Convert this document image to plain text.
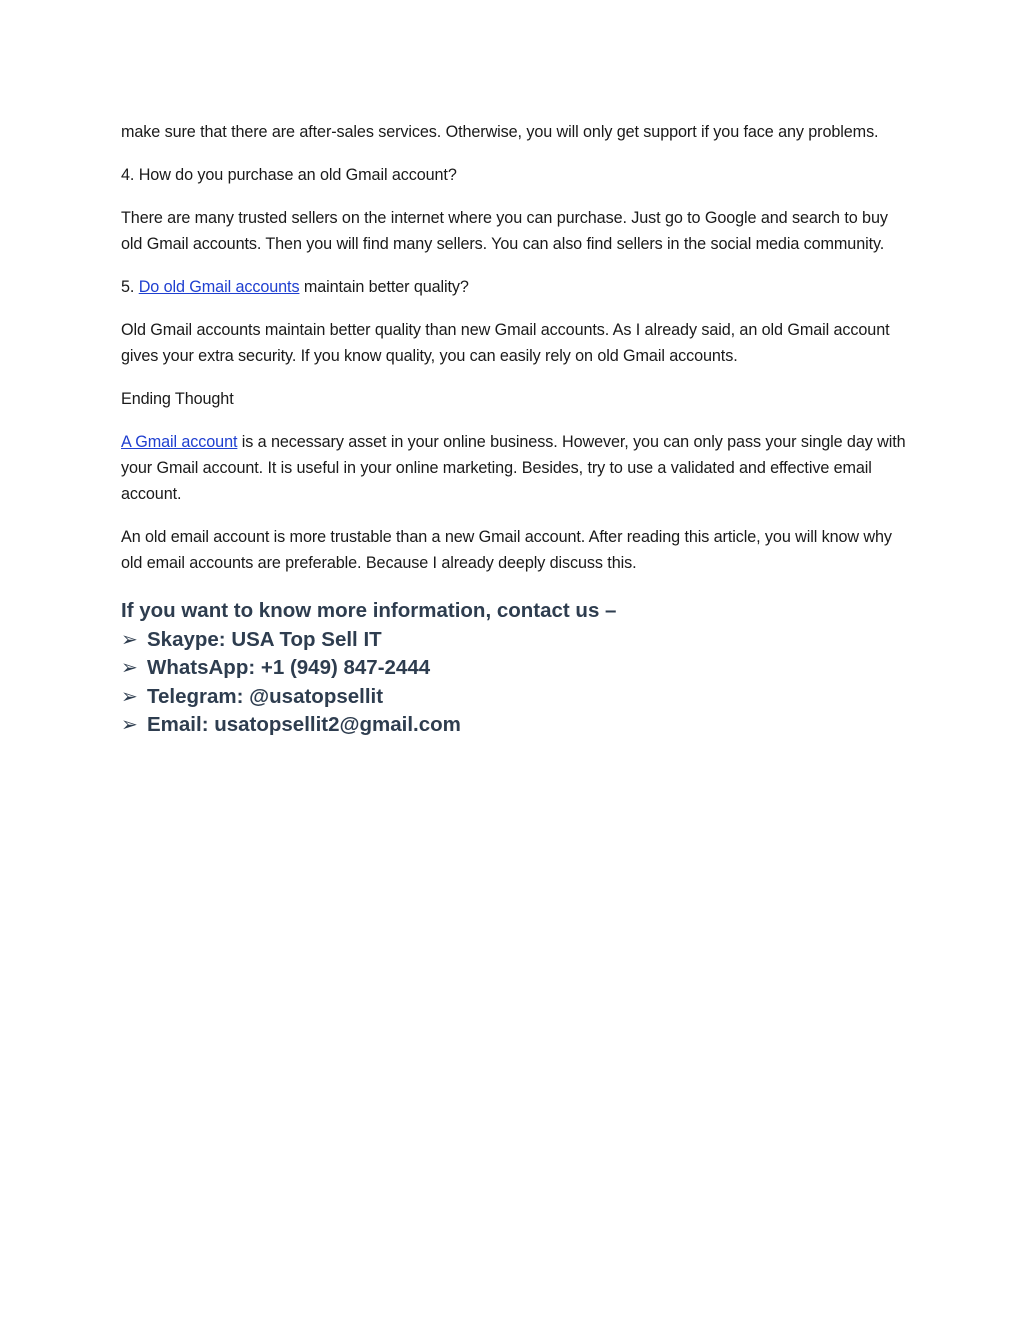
make sure that there are after-sales services. Otherwise, you will only get support if you face any problems.

4. How do you purchase an old Gmail account?

There are many trusted sellers on the internet where you can purchase. Just go to Google and search to buy old Gmail accounts. Then you will find many sellers. You can also find sellers in the social media community.

5. Do old Gmail accounts maintain better quality?

Old Gmail accounts maintain better quality than new Gmail accounts. As I already said, an old Gmail account gives your extra security. If you know quality, you can easily rely on old Gmail accounts.

Ending Thought

A Gmail account is a necessary asset in your online business. However, you can only pass your single day with your Gmail account. It is useful in your online marketing. Besides, try to use a validated and effective email account.

An old email account is more trustable than a new Gmail account. After reading this article, you will know why old email accounts are preferable. Because I already deeply discuss this.

If you want to know more information, contact us –
➢ Skaype: USA Top Sell IT
➢ WhatsApp: +1 (949) 847-2444
➢ Telegram: @usatopsellit
➢ Email: usatopsellit2@gmail.com
